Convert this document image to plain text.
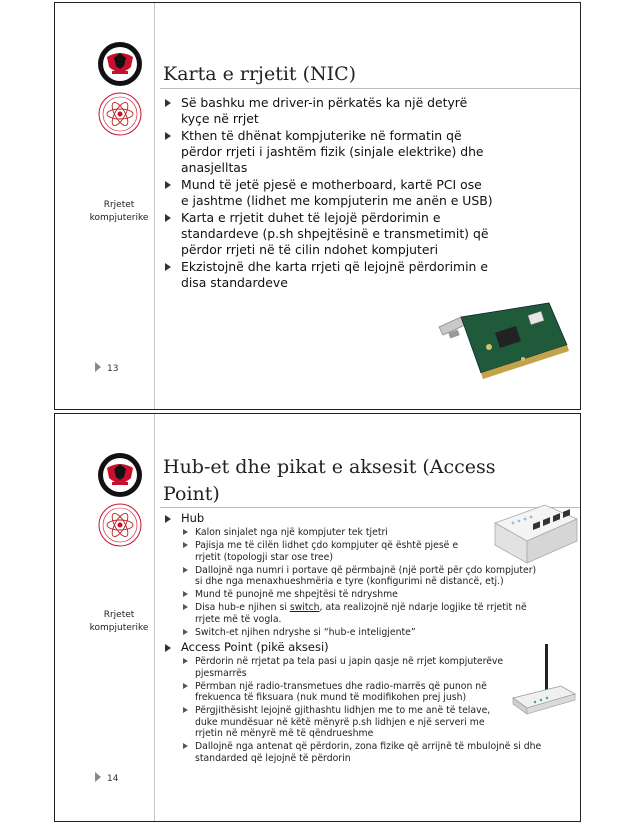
Rrjetet
kompjuterike
13
Karta e rrjetit (NIC)
Së bashku me driver-in përkatës ka një detyrë kyçe në rrjet
Kthen të dhënat kompjuterike në formatin që përdor rrjeti i jashtëm fizik (sinjale elektrike) dhe anasjelltas
Mund të jetë pjesë e motherboard, kartë PCI ose e jashtme (lidhet me kompjuterin me anën e USB)
Karta e rrjetit duhet të lejojë përdorimin e standardeve (p.sh shpejtësinë e transmetimit) që përdor rrjeti në të cilin ndohet kompjuteri
Ekzistojnë dhe karta rrjeti që lejojnë përdorimin e disa standardeve
Rrjetet
kompjuterike
14
Hub-et dhe pikat e aksesit (Access
Point)
Hub
Kalon sinjalet nga një kompjuter tek tjetri
Pajisja me të cilën lidhet çdo kompjuter që është pjesë e rrjetit (topologji star ose tree)
Dallojnë nga numri i portave që përmbajnë (një portë për çdo kompjuter) si dhe nga menaxhueshmëria e tyre (konfigurimi në distancë, etj.)
Mund të punojnë me shpejtësi të ndryshme
Disa hub-e njihen si switch, ata realizojnë një ndarje logjike të rrjetit në rrjete më të vogla.
Switch-et njihen ndryshe si “hub-e inteligjente”
Access Point (pikë aksesi)
Përdorin në rrjetat pa tela pasi u japin qasje në rrjet kompjuterëve pjesmarrës
Përmban një radio-transmetues dhe radio-marrës që punon në frekuenca të fiksuara (nuk mund të modifikohen prej jush)
Përgjithësisht lejojnë gjithashtu lidhjen me to me anë të telave, duke mundësuar në këtë mënyrë p.sh lidhjen e një serveri me rrjetin në mënyrë më të qëndrueshme
Dallojnë nga antenat që përdorin, zona fizike që arrijnë të mbulojnë si dhe standarded që lejojnë të përdorin
